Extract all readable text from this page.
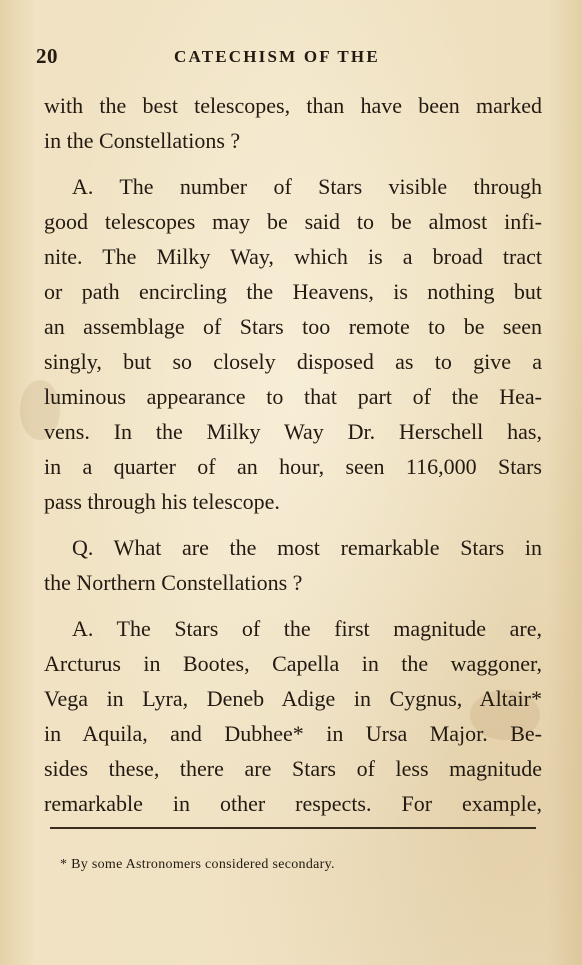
20	CATECHISM OF THE
with the best telescopes, than have been marked
in the Constellations ?
A. The number of Stars visible through
good telescopes may be said to be almost infi-
nite. The Milky Way, which is a broad tract
or path encircling the Heavens, is nothing but
an assemblage of Stars too remote to be seen
singly, but so closely disposed as to give a
luminous appearance to that part of the Hea-
vens. In the Milky Way Dr. Herschell has,
in a quarter of an hour, seen 116,000 Stars
pass through his telescope.
Q. What are the most remarkable Stars in
the Northern Constellations ?
A. The Stars of the first magnitude are,
Arcturus in Bootes, Capella in the waggoner,
Vega in Lyra, Deneb Adige in Cygnus, Altair*
in Aquila, and Dubhee* in Ursa Major. Be-
sides these, there are Stars of less magnitude
remarkable in other respects. For example,
* By some Astronomers considered secondary.
